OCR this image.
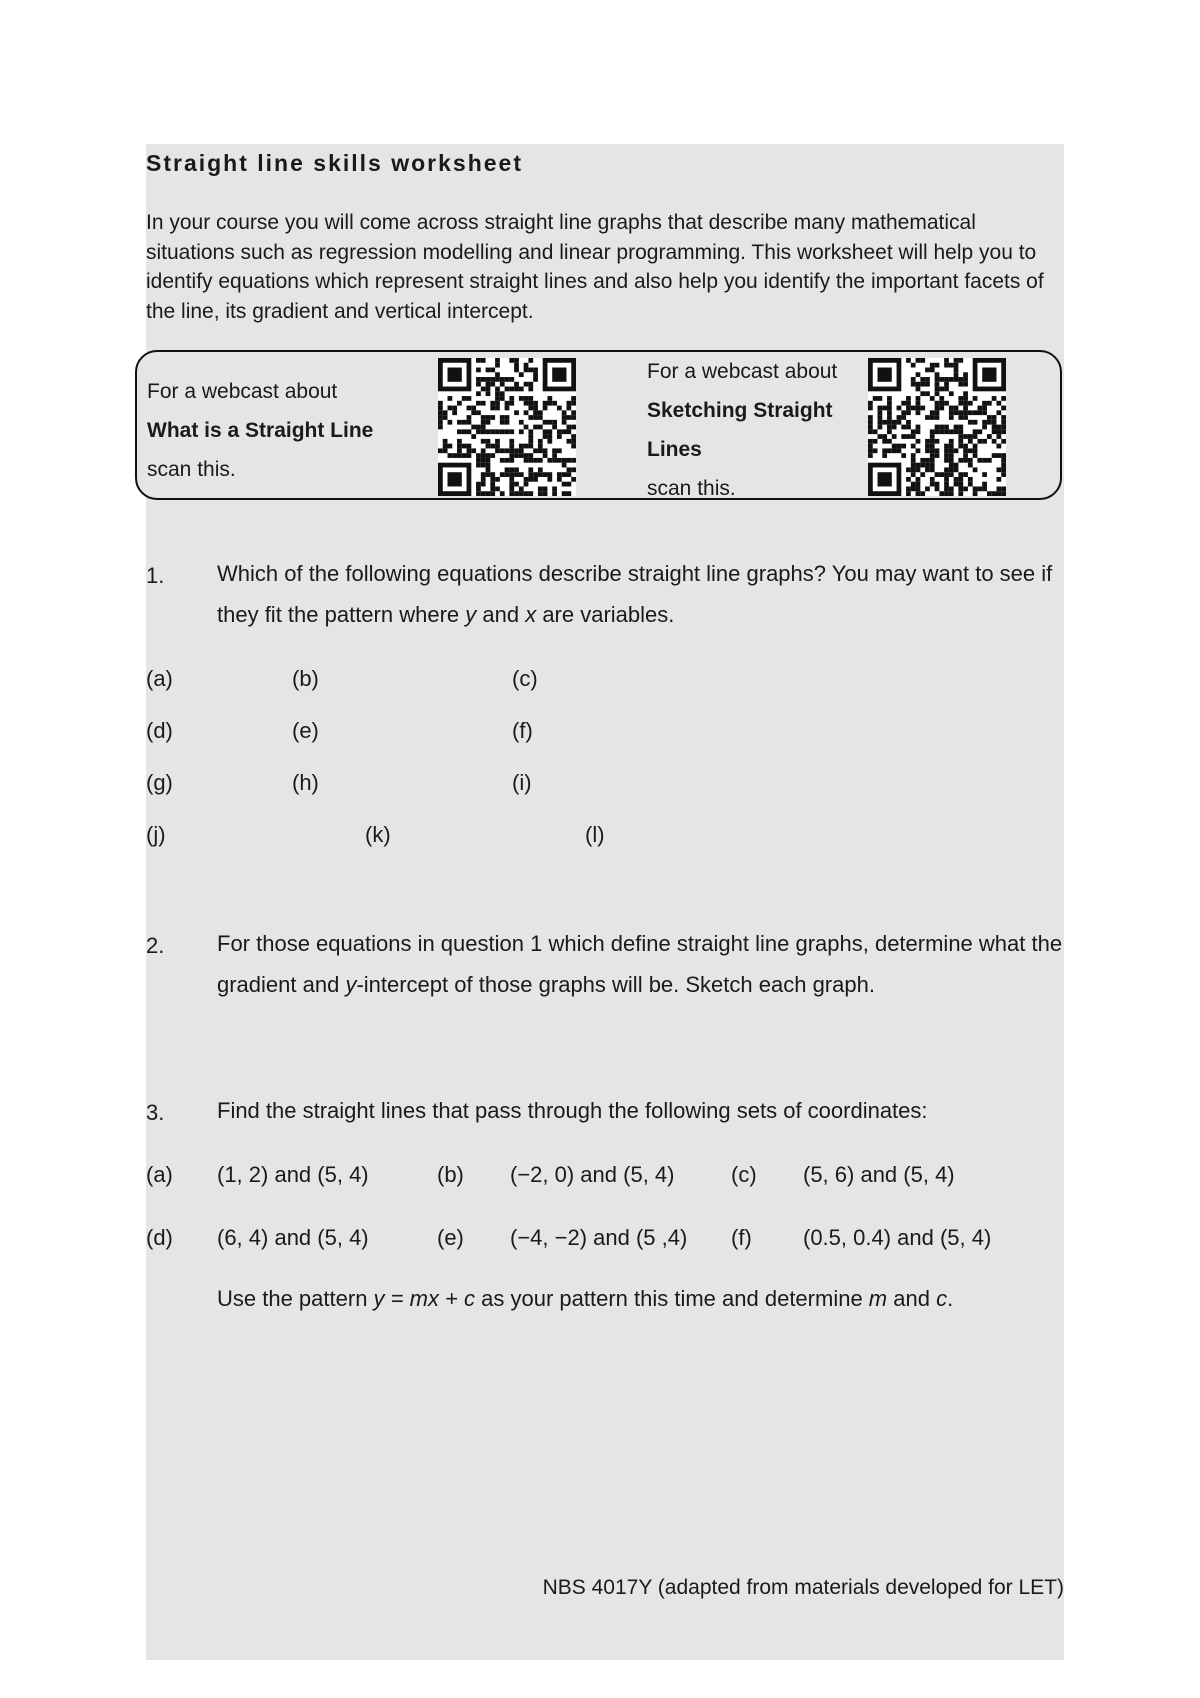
Straight line skills worksheet

In your course you will come across straight line graphs that describe many mathematical situations such as regression modelling and linear programming. This worksheet will help you to identify equations which represent straight lines and also help you identify the important facets of the line, its gradient and vertical intercept.

For a webcast about
What is a Straight Line scan this.

For a webcast about Sketching Straight Lines
scan this.

1. Which of the following equations describe straight line graphs? You may want to see if they fit the pattern where y and x are variables.

(a)	(b)	(c)
(d)	(e)	(f)
(g)	(h)	(i)
(j)	(k)	(l)
2. For those equations in question 1 which define straight line graphs, determine what the gradient and y-intercept of those graphs will be. Sketch each graph.

3. Find the straight lines that pass through the following sets of coordinates:

(a) (1, 2) and (5, 4)	(b) (−2, 0) and (5, 4)	(c) (5, 6) and (5, 4)
(d) (6, 4) and (5, 4)	(e) (−4, −2) and (5 ,4) (f) (0.5, 0.4) and (5, 4)

Use the pattern y = mx + c as your pattern this time and determine m and c.

NBS 4017Y (adapted from materials developed for LET)
